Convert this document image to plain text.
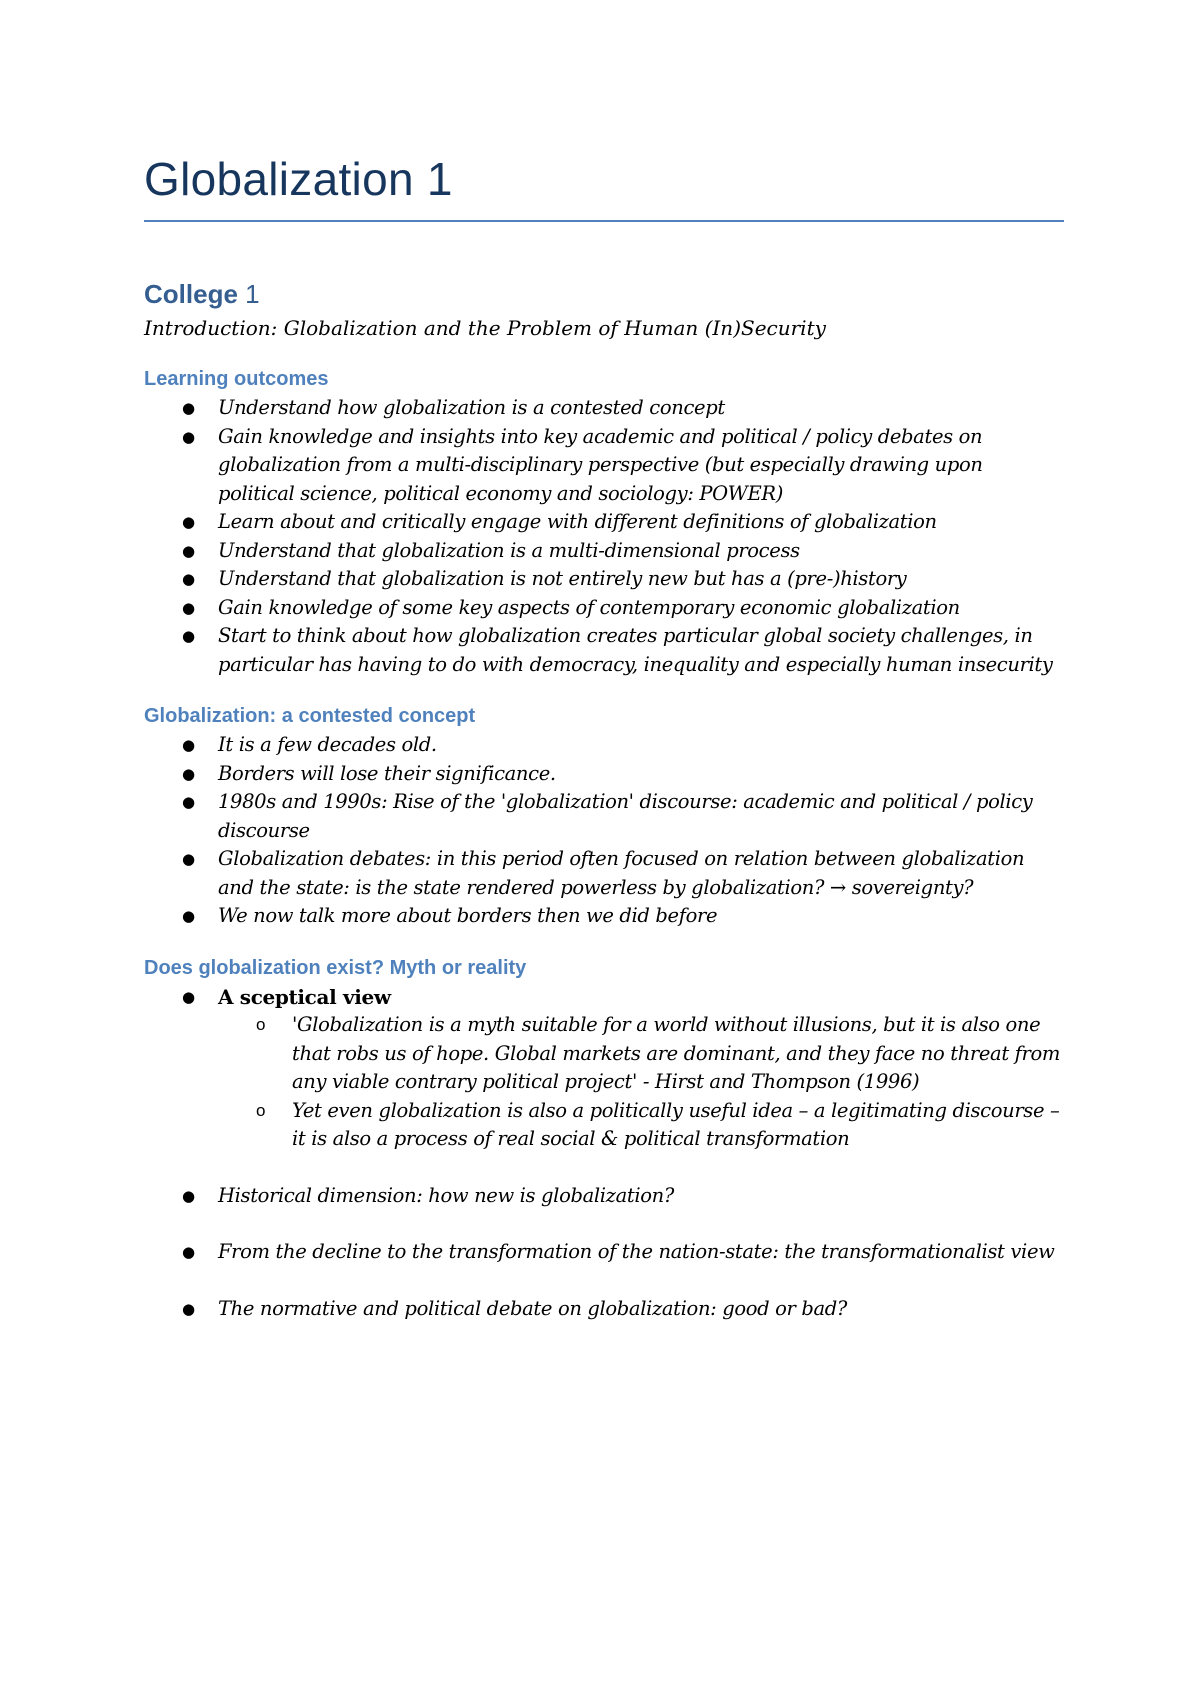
Globalization 1
College 1

Introduction: Globalization and the Problem of Human (In)Security

Learning outcomes
● Understand how globalization is a contested concept
● Gain knowledge and insights into key academic and political / policy debates on globalization from a multi-disciplinary perspective (but especially drawing upon political science, political economy and sociology: POWER)
● Learn about and critically engage with different definitions of globalization
● Understand that globalization is a multi-dimensional process
● Understand that globalization is not entirely new but has a (pre-)history
● Gain knowledge of some key aspects of contemporary economic globalization
● Start to think about how globalization creates particular global society challenges, in particular has having to do with democracy, inequality and especially human insecurity
Globalization: a contested concept
● It is a few decades old.
● Borders will lose their significance.
● 1980s and 1990s: Rise of the 'globalization' discourse: academic and political / policy discourse
● Globalization debates: in this period often focused on relation between globalization and the state: is the state rendered powerless by globalization? → sovereignty?
● We now talk more about borders then we did before
Does globalization exist? Myth or reality
● A sceptical view
o 'Globalization is a myth suitable for a world without illusions, but it is also one that robs us of hope. Global markets are dominant, and they face no threat from any viable contrary political project' - Hirst and Thompson (1996)
o Yet even globalization is also a politically useful idea – a legitimating discourse – it is also a process of real social & political transformation
● Historical dimension: how new is globalization?
● From the decline to the transformation of the nation-state: the transformationalist view
● The normative and political debate on globalization: good or bad?
